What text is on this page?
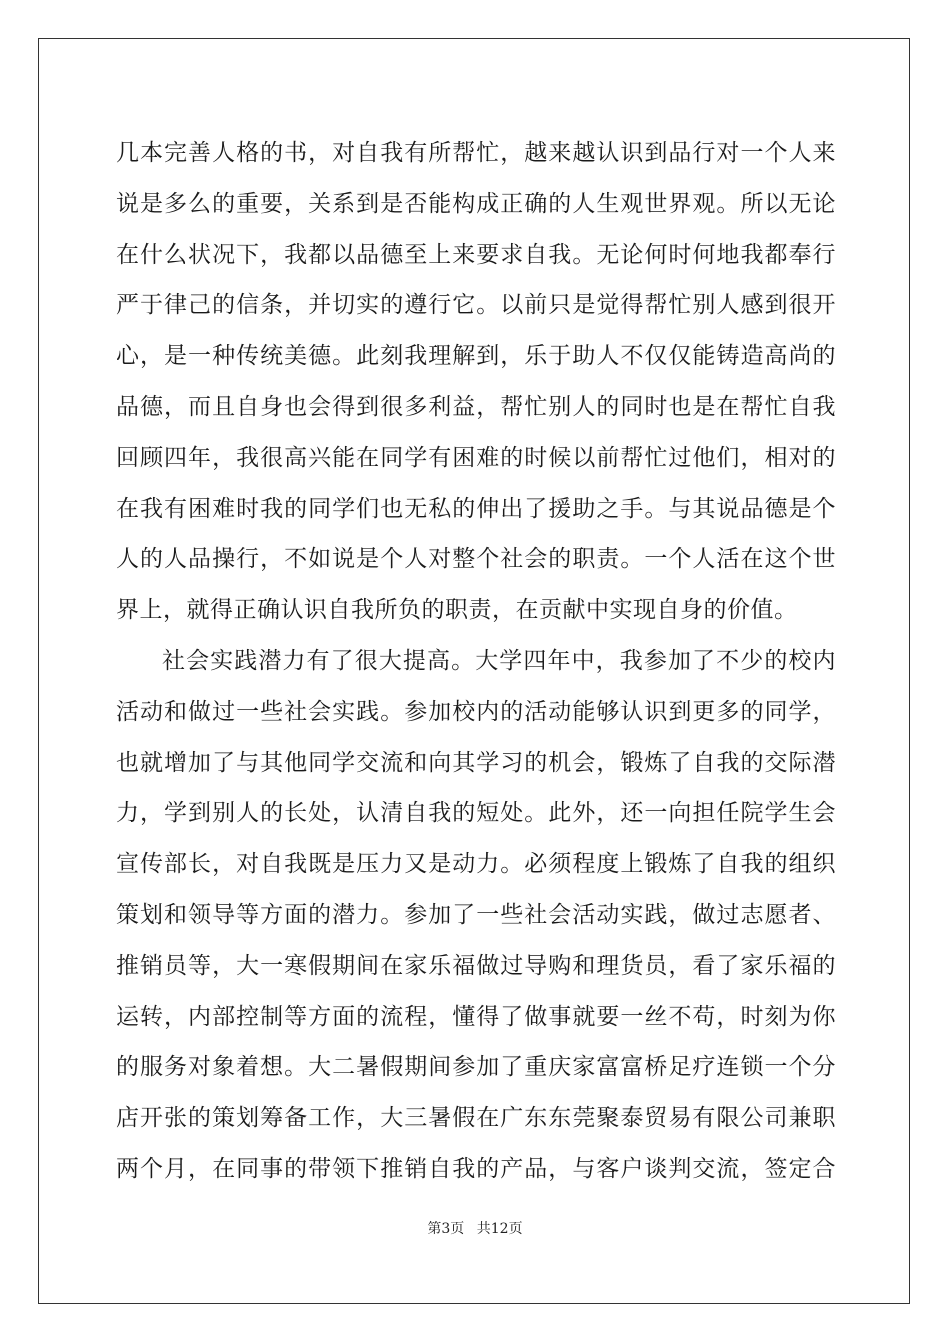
几本完善人格的书，对自我有所帮忙，越来越认识到品行对一个人来
说是多么的重要，关系到是否能构成正确的人生观世界观。所以无论
在什么状况下，我都以品德至上来要求自我。无论何时何地我都奉行
严于律己的信条，并切实的遵行它。以前只是觉得帮忙别人感到很开
心，是一种传统美德。此刻我理解到，乐于助人不仅仅能铸造高尚的
品德，而且自身也会得到很多利益，帮忙别人的同时也是在帮忙自我
回顾四年，我很高兴能在同学有困难的时候以前帮忙过他们，相对的
在我有困难时我的同学们也无私的伸出了援助之手。与其说品德是个
人的人品操行，不如说是个人对整个社会的职责。一个人活在这个世
界上，就得正确认识自我所负的职责，在贡献中实现自身的价值。
社会实践潜力有了很大提高。大学四年中，我参加了不少的校内
活动和做过一些社会实践。参加校内的活动能够认识到更多的同学，
也就增加了与其他同学交流和向其学习的机会，锻炼了自我的交际潜
力，学到别人的长处，认清自我的短处。此外，还一向担任院学生会
宣传部长，对自我既是压力又是动力。必须程度上锻炼了自我的组织
策划和领导等方面的潜力。参加了一些社会活动实践，做过志愿者、
推销员等，大一寒假期间在家乐福做过导购和理货员，看了家乐福的
运转，内部控制等方面的流程，懂得了做事就要一丝不苟，时刻为你
的服务对象着想。大二暑假期间参加了重庆家富富桥足疗连锁一个分
店开张的策划筹备工作，大三暑假在广东东莞聚泰贸易有限公司兼职
两个月，在同事的带领下推销自我的产品，与客户谈判交流，签定合
第3页 共12页
